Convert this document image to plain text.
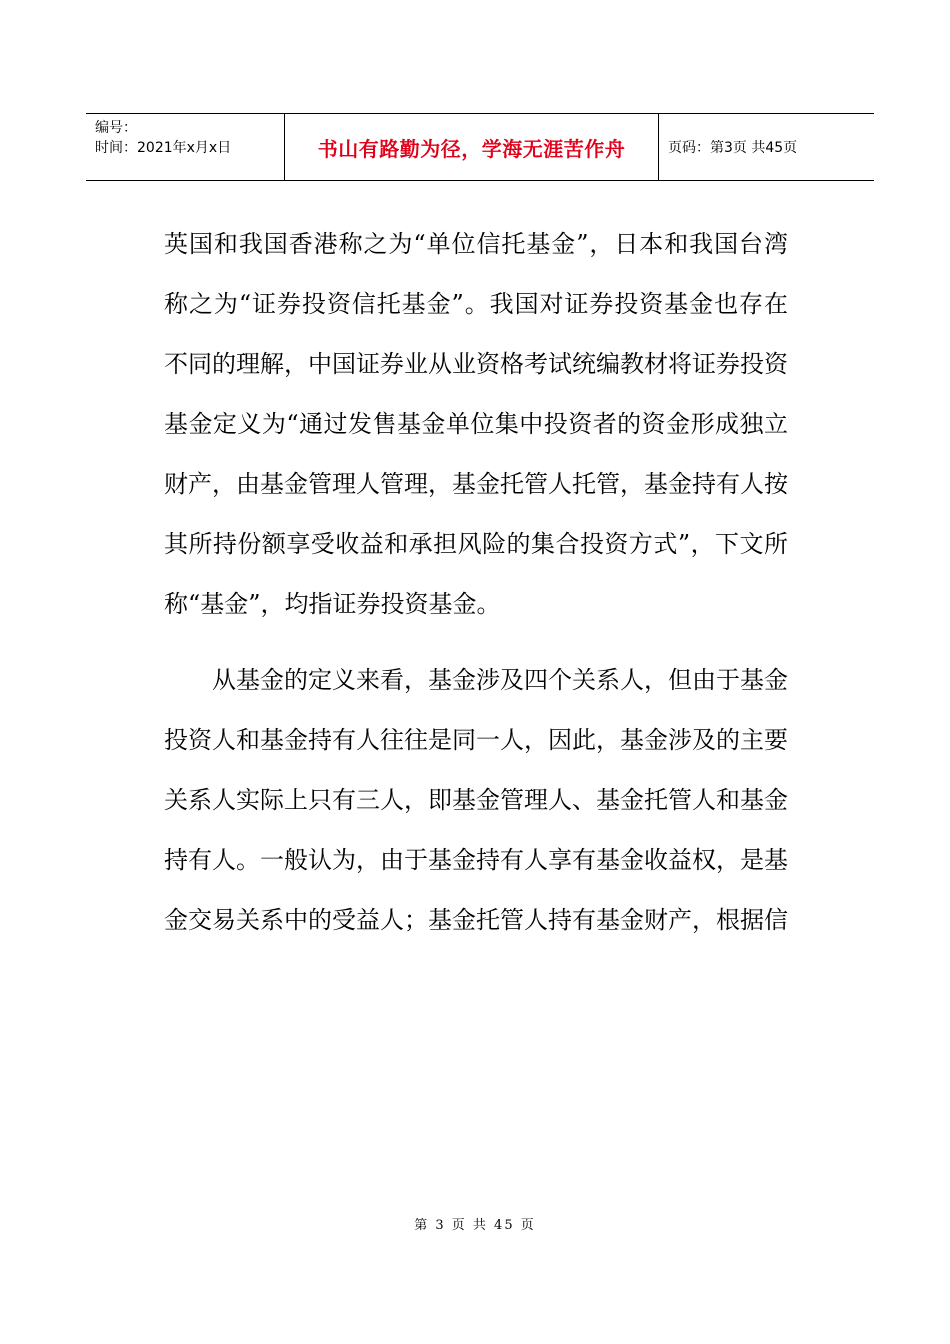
编号：
时间：2021年x月x日	书山有路勤为径，学海无涯苦作舟	页码：第3页 共45页

英国和我国香港称之为“单位信托基金”，日本和我国台湾称之为“证券投资信托基金”。我国对证券投资基金也存在不同的理解，中国证券业从业资格考试统编教材将证券投资基金定义为“通过发售基金单位集中投资者的资金形成独立财产，由基金管理人管理，基金托管人托管，基金持有人按其所持份额享受收益和承担风险的集合投资方式”，下文所称“基金”，均指证券投资基金。

从基金的定义来看，基金涉及四个关系人，但由于基金投资人和基金持有人往往是同一人，因此，基金涉及的主要关系人实际上只有三人，即基金管理人、基金托管人和基金持有人。一般认为，由于基金持有人享有基金收益权，是基金交易关系中的受益人；基金托管人持有基金财产，根据信

第 3 页 共 45 页
